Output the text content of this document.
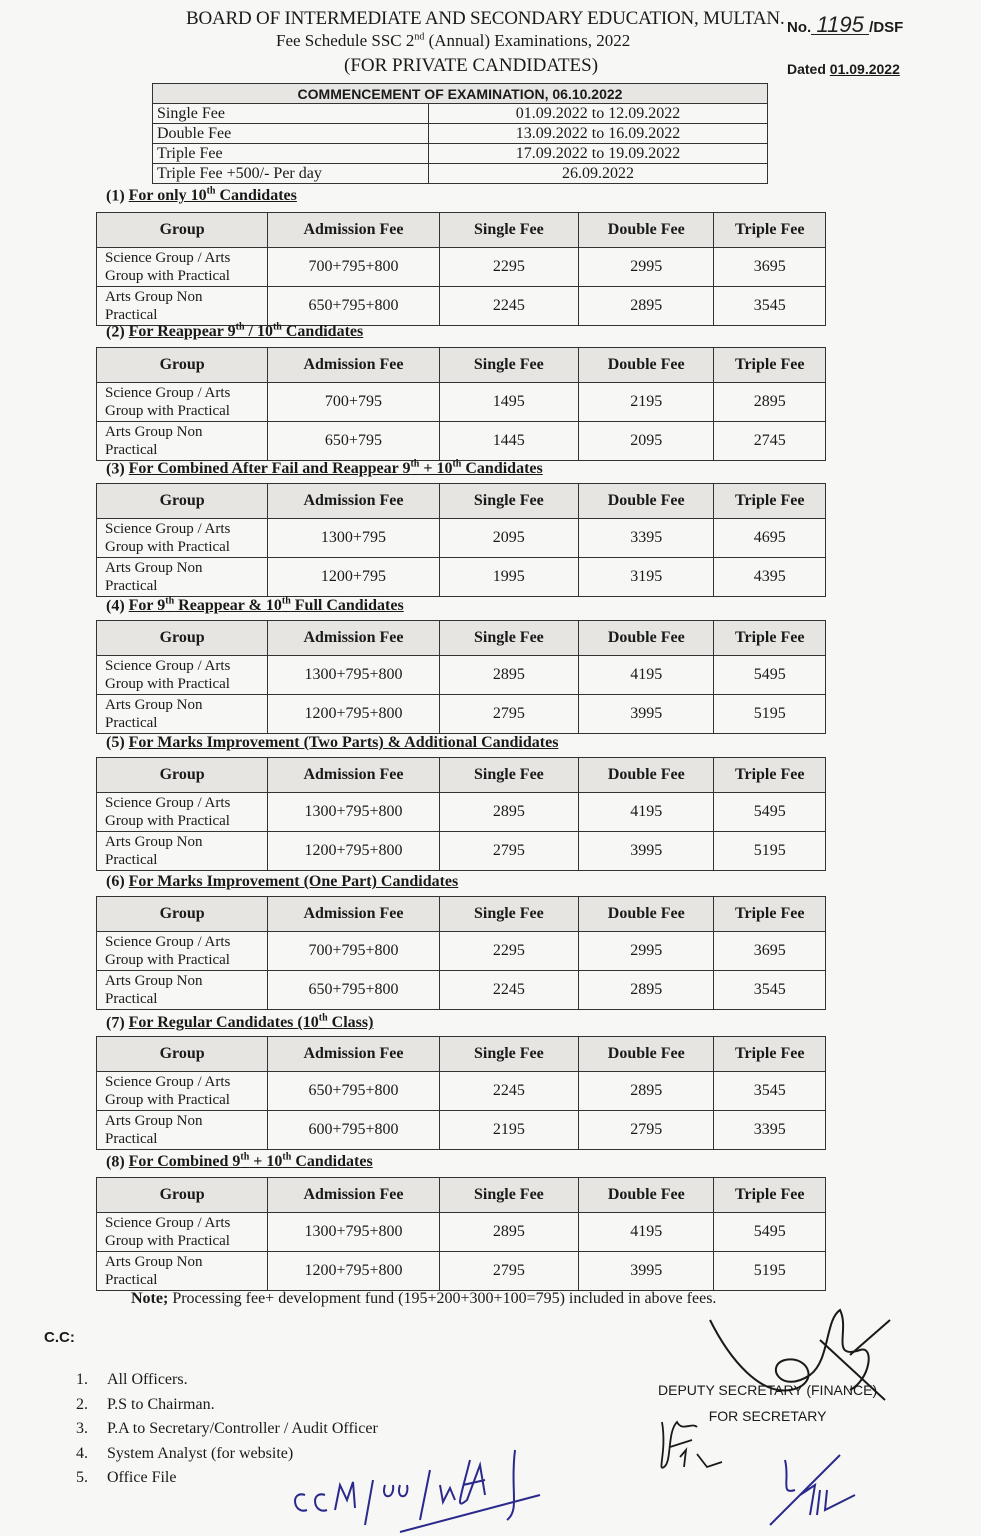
BOARD OF INTERMEDIATE AND SECONDARY EDUCATION, MULTAN.
Fee Schedule SSC 2nd (Annual) Examinations, 2022
(FOR PRIVATE CANDIDATES)
No. 1195 /DSF
Dated 01.09.2022
COMMENCEMENT OF EXAMINATION, 06.10.2022	
Single Fee	01.09.2022 to 12.09.2022
Double Fee	13.09.2022 to 16.09.2022
Triple Fee	17.09.2022 to 19.09.2022
Triple Fee +500/- Per day	26.09.2022
(1) For only 10th Candidates
Group	Admission Fee	Single Fee	Double Fee	Triple Fee
Science Group / Arts
Group with Practical	700+795+800	2295	2995	3695
Arts Group Non
Practical	650+795+800	2245	2895	3545
(2) For Reappear 9th / 10th Candidates
Group	Admission Fee	Single Fee	Double Fee	Triple Fee
Science Group / Arts
Group with Practical	700+795	1495	2195	2895
Arts Group Non
Practical	650+795	1445	2095	2745
(3) For Combined After Fail and Reappear 9th + 10th Candidates
Group	Admission Fee	Single Fee	Double Fee	Triple Fee
Science Group / Arts
Group with Practical	1300+795	2095	3395	4695
Arts Group Non
Practical	1200+795	1995	3195	4395
(4) For 9th Reappear & 10th Full Candidates
Group	Admission Fee	Single Fee	Double Fee	Triple Fee
Science Group / Arts
Group with Practical	1300+795+800	2895	4195	5495
Arts Group Non
Practical	1200+795+800	2795	3995	5195
(5) For Marks Improvement (Two Parts) & Additional Candidates
Group	Admission Fee	Single Fee	Double Fee	Triple Fee
Science Group / Arts
Group with Practical	1300+795+800	2895	4195	5495
Arts Group Non
Practical	1200+795+800	2795	3995	5195
(6) For Marks Improvement (One Part) Candidates
Group	Admission Fee	Single Fee	Double Fee	Triple Fee
Science Group / Arts
Group with Practical	700+795+800	2295	2995	3695
Arts Group Non
Practical	650+795+800	2245	2895	3545
(7) For Regular Candidates (10th Class)
Group	Admission Fee	Single Fee	Double Fee	Triple Fee
Science Group / Arts
Group with Practical	650+795+800	2245	2895	3545
Arts Group Non
Practical	600+795+800	2195	2795	3395
(8) For Combined 9th + 10th Candidates
Group	Admission Fee	Single Fee	Double Fee	Triple Fee
Science Group / Arts
Group with Practical	1300+795+800	2895	4195	5495
Arts Group Non
Practical	1200+795+800	2795	3995	5195
Note; Processing fee+ development fund (195+200+300+100=795) included in above fees.
C.C:
1. All Officers.
2. P.S to Chairman.
3. P.A to Secretary/Controller / Audit Officer
4. System Analyst (for website)
5. Office File
DEPUTY SECRETARY (FINANCE)
FOR SECRETARY
